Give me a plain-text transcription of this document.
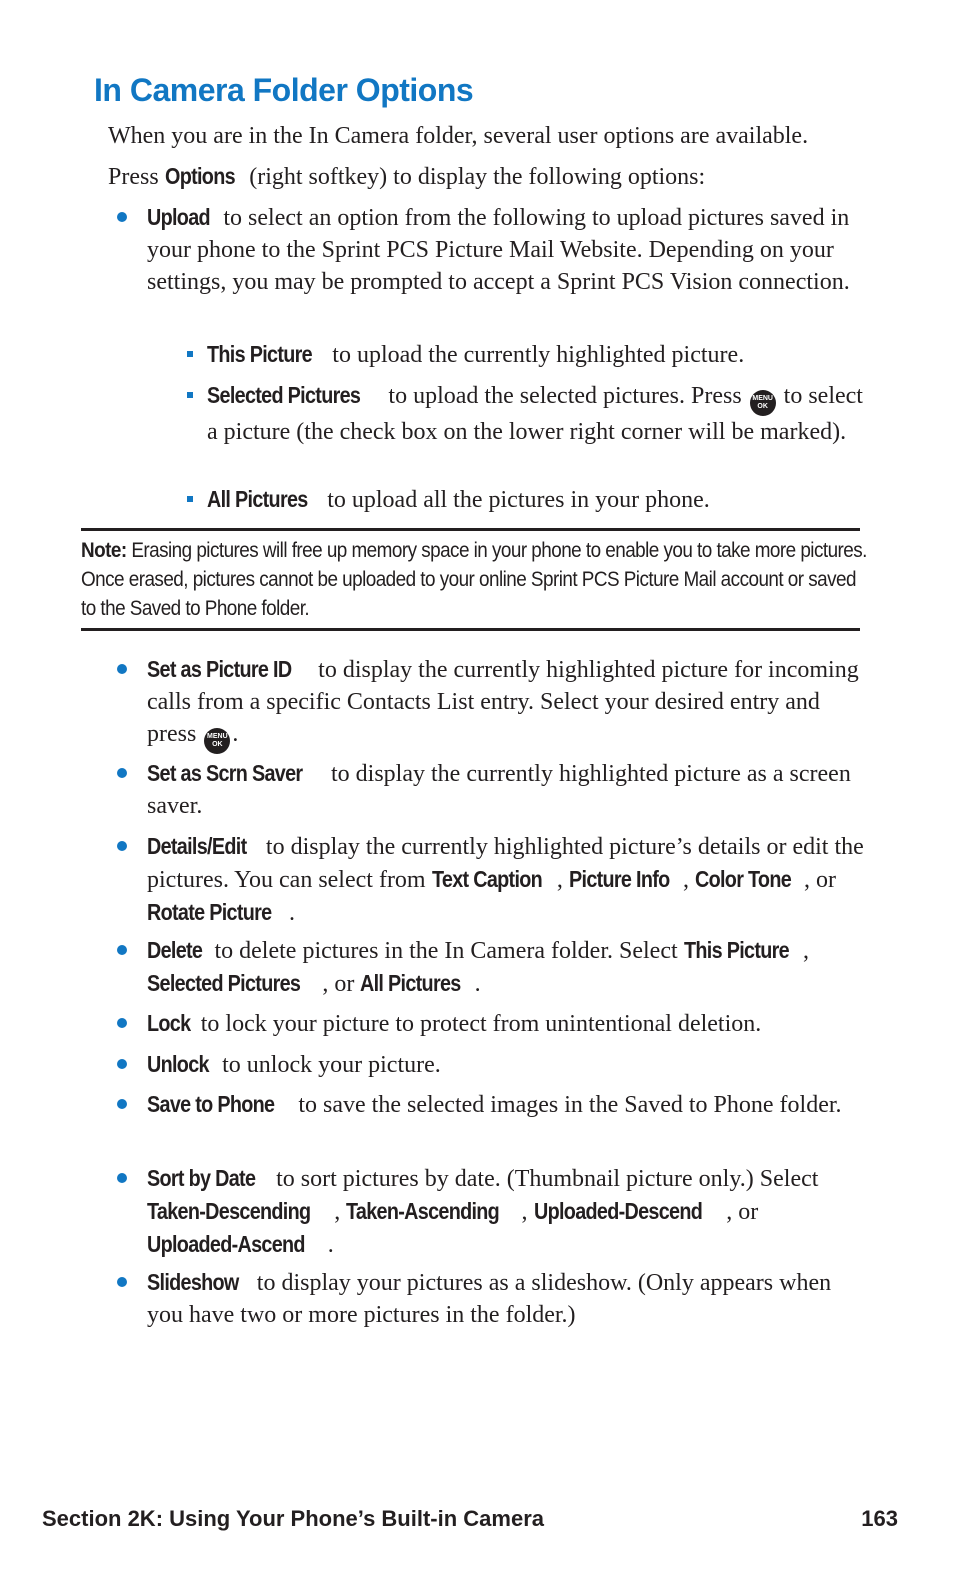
In Camera Folder Options
When you are in the In Camera folder, several user options are available.
Press Options (right softkey) to display the following options:
Upload to select an option from the following to upload pictures saved in your phone to the Sprint PCS Picture Mail Website. Depending on your settings, you may be prompted to accept a Sprint PCS Vision connection.
This Picture to upload the currently highlighted picture.
Selected Pictures to upload the selected pictures. Press MENU
OK to select a picture (the check box on the lower right corner will be marked).
All Pictures to upload all the pictures in your phone.
Note: Erasing pictures will free up memory space in your phone to enable you to take more pictures. Once erased, pictures cannot be uploaded to your online Sprint PCS Picture Mail account or saved to the Saved to Phone folder.
Set as Picture ID to display the currently highlighted picture for incoming calls from a specific Contacts List entry. Select your desired entry and press MENU
OK .
Set as Scrn Saver to display the currently highlighted picture as a screen saver.
Details/Edit to display the currently highlighted picture’s details or edit the pictures. You can select from Text Caption , Picture Info , Color Tone , or Rotate Picture .
Delete to delete pictures in the In Camera folder. Select This Picture , Selected Pictures , or All Pictures .
Lock to lock your picture to protect from unintentional deletion.
Unlock to unlock your picture.
Save to Phone to save the selected images in the Saved to Phone folder.
Sort by Date to sort pictures by date. (Thumbnail picture only.) Select Taken-Descending , Taken-Ascending , Uploaded-Descend , or Uploaded-Ascend .
Slideshow to display your pictures as a slideshow. (Only appears when you have two or more pictures in the folder.)
Section 2K: Using Your Phone’s Built-in Camera	163
